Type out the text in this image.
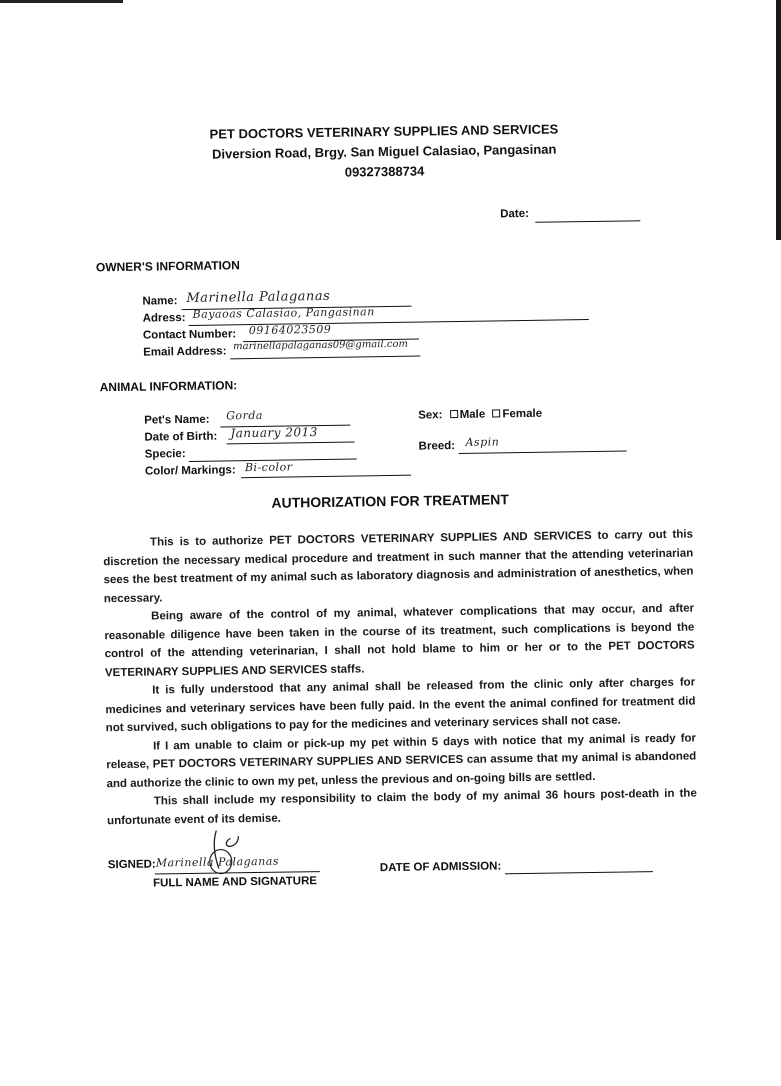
PET DOCTORS VETERINARY SUPPLIES AND SERVICES
Diversion Road, Brgy. San Miguel Calasiao, Pangasinan
09327388734
Date:
OWNER'S INFORMATION
Name: Marinella Palaganas
Adress: Bayaoas Calasiao, Pangasinan
Contact Number: 09164023509
Email Address: marinellapalaganas09@gmail.com
ANIMAL INFORMATION:
Pet's Name: Gorda
Date of Birth: January 2013
Specie:
Color/ Markings: Bi-color
Sex: Male Female
Breed: Aspin
AUTHORIZATION FOR TREATMENT

This is to authorize PET DOCTORS VETERINARY SUPPLIES AND SERVICES to carry out this discretion the necessary medical procedure and treatment in such manner that the attending veterinarian sees the best treatment of my animal such as laboratory diagnosis and administration of anesthetics, when necessary.

Being aware of the control of my animal, whatever complications that may occur, and after reasonable diligence have been taken in the course of its treatment, such complications is beyond the control of the attending veterinarian, I shall not hold blame to him or her or to the PET DOCTORS VETERINARY SUPPLIES AND SERVICES staffs.

It is fully understood that any animal shall be released from the clinic only after charges for medicines and veterinary services have been fully paid. In the event the animal confined for treatment did not survived, such obligations to pay for the medicines and veterinary services shall not case.

If I am unable to claim or pick-up my pet within 5 days with notice that my animal is ready for release, PET DOCTORS VETERINARY SUPPLIES AND SERVICES can assume that my animal is abandoned and authorize the clinic to own my pet, unless the previous and on-going bills are settled.

This shall include my responsibility to claim the body of my animal 36 hours post-death in the unfortunate event of its demise.

SIGNED: Marinella Palaganas
FULL NAME AND SIGNATURE
DATE OF ADMISSION:
